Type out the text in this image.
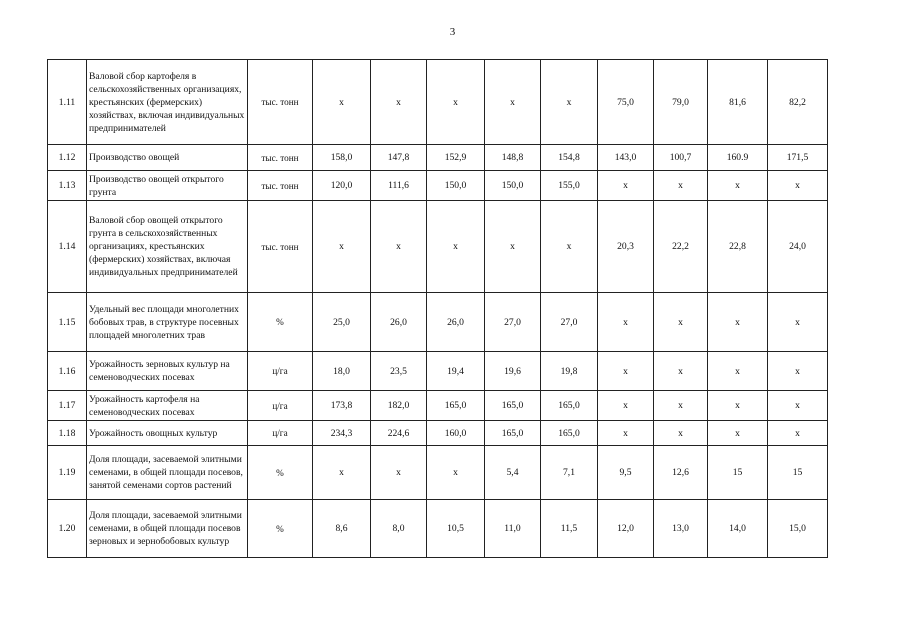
3
1.11	Валовой сбор картофеля в сельскохозяйственных организациях, крестьянских (фермерских) хозяйствах, включая индивидуальных предпринимателей	тыс. тонн	x	x	x	x	x	75,0	79,0	81,6	82,2
1.12	Производство овощей	тыс. тонн	158,0	147,8	152,9	148,8	154,8	143,0	100,7	160.9	171,5
1.13	Производство овощей открытого грунта	тыс. тонн	120,0	111,6	150,0	150,0	155,0	x	x	x	x
1.14	Валовой сбор овощей открытого грунта в сельскохозяйственных организациях, крестьянских (фермерских) хозяйствах, включая индивидуальных предпринимателей	тыс. тонн	x	x	x	x	x	20,3	22,2	22,8	24,0
1.15	Удельный вес площади многолетних бобовых трав, в структуре посевных площадей многолетних трав	%	25,0	26,0	26,0	27,0	27,0	x	x	x	x
1.16	Урожайность зерновых культур на семеноводческих посевах	ц/га	18,0	23,5	19,4	19,6	19,8	x	x	x	x
1.17	Урожайность картофеля на семеноводческих посевах	ц/га	173,8	182,0	165,0	165,0	165,0	x	x	x	x
1.18	Урожайность овощных культур	ц/га	234,3	224,6	160,0	165,0	165,0	x	x	x	x
1.19	Доля площади, засеваемой элитными семенами, в общей площади посевов, занятой семенами сортов растений	%	x	x	x	5,4	7,1	9,5	12,6	15	15
1.20	Доля площади, засеваемой элитными семенами, в общей площади посевов зерновых и зернобобовых культур	%	8,6	8,0	10,5	11,0	11,5	12,0	13,0	14,0	15,0
